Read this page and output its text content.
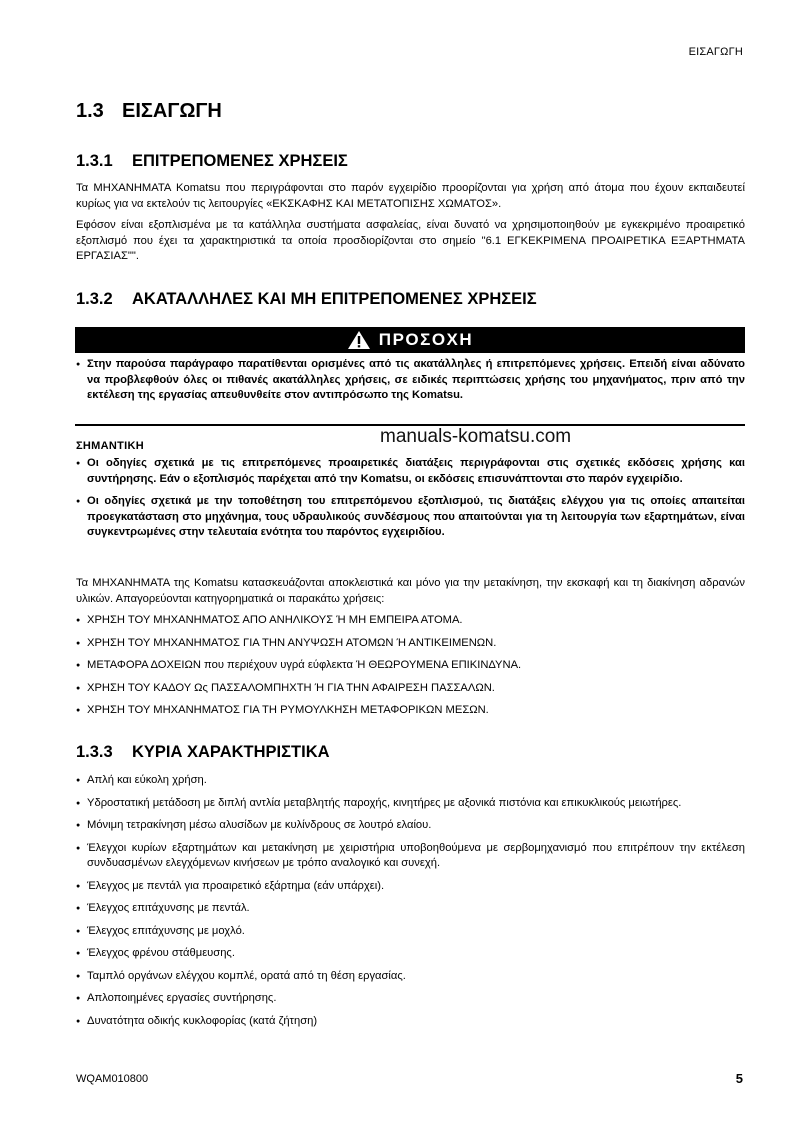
ΕΙΣΑΓΩΓΗ
1.3 ΕΙΣΑΓΩΓΗ
1.3.1 ΕΠΙΤΡΕΠΟΜΕΝΕΣ ΧΡΗΣΕΙΣ
Τα ΜΗΧΑΝΗΜΑΤΑ Komatsu που περιγράφονται στο παρόν εγχειρίδιο προορίζονται για χρήση από άτομα που έχουν εκπαιδευτεί κυρίως για να εκτελούν τις λειτουργίες «ΕΚΣΚΑΦΗΣ ΚΑΙ ΜΕΤΑΤΟΠΙΣΗΣ ΧΩΜΑΤΟΣ».
Εφόσον είναι εξοπλισμένα με τα κατάλληλα συστήματα ασφαλείας, είναι δυνατό να χρησιμοποιηθούν με εγκεκριμένο προαιρετικό εξοπλισμό που έχει τα χαρακτηριστικά τα οποία προσδιορίζονται στο σημείο "6.1 ΕΓΚΕΚΡΙΜΕΝΑ ΠΡΟΑΙΡΕΤΙΚΑ ΕΞΑΡΤΗΜΑΤΑ ΕΡΓΑΣΙΑΣ"".
1.3.2 ΑΚΑΤΑΛΛΗΛΕΣ ΚΑΙ ΜΗ ΕΠΙΤΡΕΠΟΜΕΝΕΣ ΧΡΗΣΕΙΣ
ΠΡΟΣΟΧΗ
● Στην παρούσα παράγραφο παρατίθενται ορισμένες από τις ακατάλληλες ή επιτρεπόμενες χρήσεις. Επειδή είναι αδύνατο να προβλεφθούν όλες οι πιθανές ακατάλληλες χρήσεις, σε ειδικές περιπτώσεις χρήσης του μηχανήματος, πριν από την εκτέλεση της εργασίας απευθυνθείτε στον αντιπρόσωπο της Komatsu.
manuals-komatsu.com
ΣΗΜΑΝΤΙΚΗ
● Οι οδηγίες σχετικά με τις επιτρεπόμενες προαιρετικές διατάξεις περιγράφονται στις σχετικές εκδόσεις χρήσης και συντήρησης. Εάν ο εξοπλισμός παρέχεται από την Komatsu, οι εκδόσεις επισυνάπτονται στο παρόν εγχειρίδιο.
● Οι οδηγίες σχετικά με την τοποθέτηση του επιτρεπόμενου εξοπλισμού, τις διατάξεις ελέγχου για τις οποίες απαιτείται προεγκατάσταση στο μηχάνημα, τους υδραυλικούς συνδέσμους που απαιτούνται για τη λειτουργία των εξαρτημάτων, είναι συγκεντρωμένες στην τελευταία ενότητα του παρόντος εγχειριδίου.
Τα ΜΗΧΑΝΗΜΑΤΑ της Komatsu κατασκευάζονται αποκλειστικά και μόνο για την μετακίνηση, την εκσκαφή και τη διακίνηση αδρανών υλικών. Απαγορεύονται κατηγορηματικά οι παρακάτω χρήσεις:
● ΧΡΗΣΗ ΤΟΥ ΜΗΧΑΝΗΜΑΤΟΣ ΑΠΟ ΑΝΗΛΙΚΟΥΣ Ή ΜΗ ΕΜΠΕΙΡΑ ΑΤΟΜΑ.
● ΧΡΗΣΗ ΤΟΥ ΜΗΧΑΝΗΜΑΤΟΣ ΓΙΑ ΤΗΝ ΑΝΥΨΩΣΗ ΑΤΟΜΩΝ Ή ΑΝΤΙΚΕΙΜΕΝΩΝ.
● ΜΕΤΑΦΟΡΑ ΔΟΧΕΙΩΝ που περιέχουν υγρά εύφλεκτα Ή ΘΕΩΡΟΥΜΕΝΑ ΕΠΙΚΙΝΔΥΝΑ.
● ΧΡΗΣΗ ΤΟΥ ΚΑΔΟΥ Ως ΠΑΣΣΑΛΟΜΠΗΧΤΗ Ή ΓΙΑ ΤΗΝ ΑΦΑΙΡΕΣΗ ΠΑΣΣΑΛΩΝ.
● ΧΡΗΣΗ ΤΟΥ ΜΗΧΑΝΗΜΑΤΟΣ ΓΙΑ ΤΗ ΡΥΜΟΥΛΚΗΣΗ ΜΕΤΑΦΟΡΙΚΩΝ ΜΕΣΩΝ.
1.3.3 ΚΥΡΙΑ ΧΑΡΑΚΤΗΡΙΣΤΙΚΑ
● Απλή και εύκολη χρήση.
● Υδροστατική μετάδοση με διπλή αντλία μεταβλητής παροχής, κινητήρες με αξονικά πιστόνια και επικυκλικούς μειωτήρες.
● Μόνιμη τετρακίνηση μέσω αλυσίδων με κυλίνδρους σε λουτρό ελαίου.
● Έλεγχοι κυρίων εξαρτημάτων και μετακίνηση με χειριστήρια υποβοηθούμενα με σερβομηχανισμό που επιτρέπουν την εκτέλεση συνδυασμένων ελεγχόμενων κινήσεων με τρόπο αναλογικό και συνεχή.
● Έλεγχος με πεντάλ για προαιρετικό εξάρτημα (εάν υπάρχει).
● Έλεγχος επιτάχυνσης με πεντάλ.
● Έλεγχος επιτάχυνσης με μοχλό.
● Έλεγχος φρένου στάθμευσης.
● Ταμπλό οργάνων ελέγχου κομπλέ, ορατά από τη θέση εργασίας.
● Απλοποιημένες εργασίες συντήρησης.
● Δυνατότητα οδικής κυκλοφορίας (κατά ζήτηση)
WQAM010800	5
